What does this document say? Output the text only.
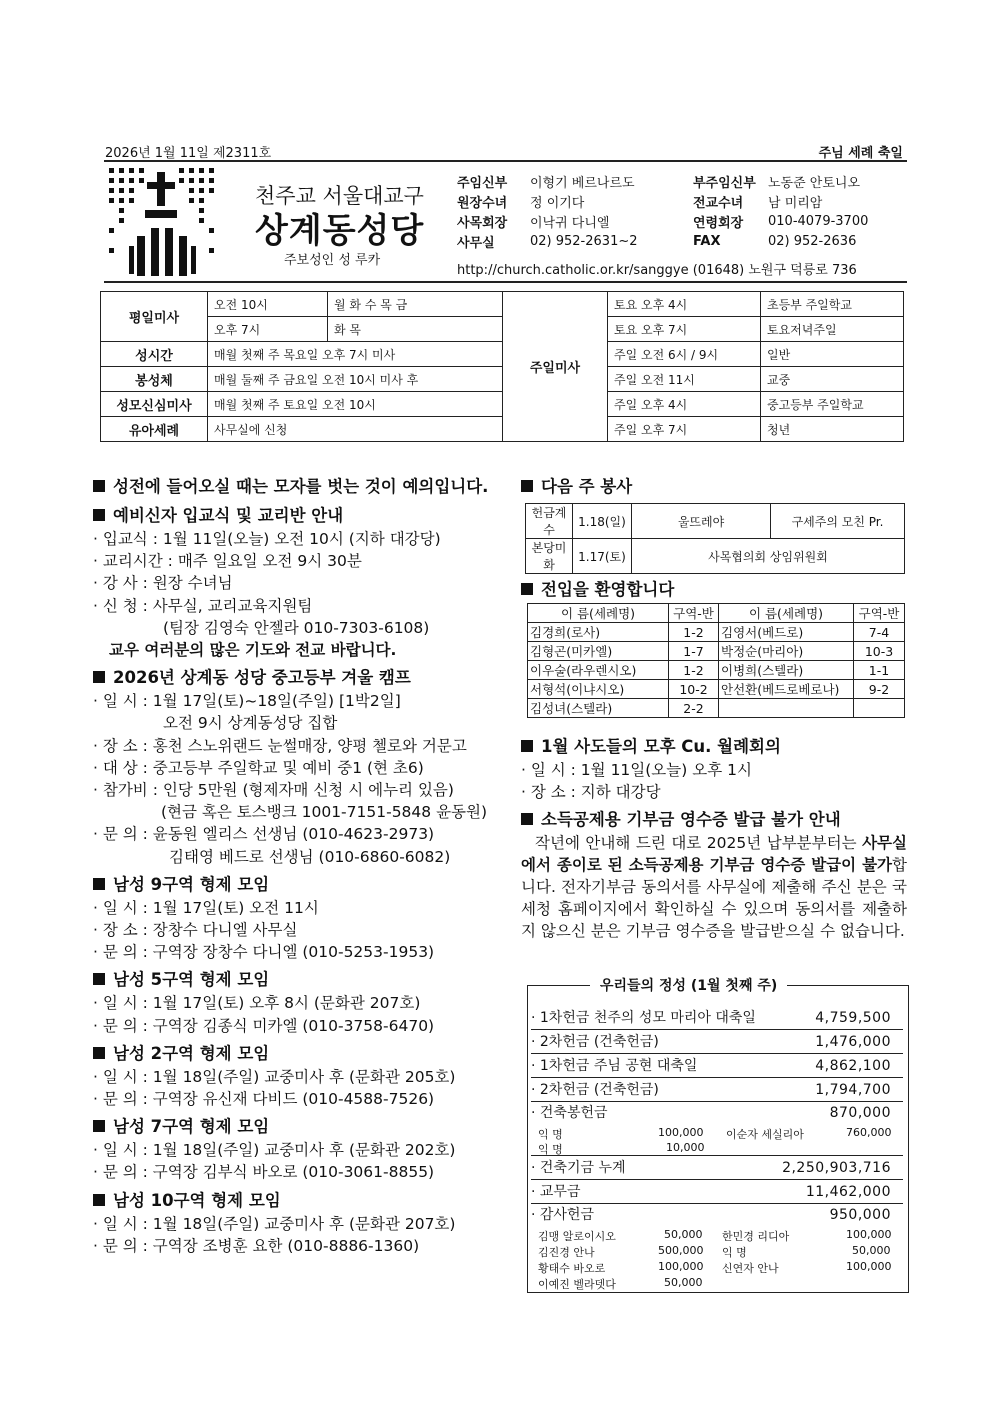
2026년 1월 11일 제2311호	주님 세례 축일
천주교 서울대교구
상계동성당
주보성인 성 루카
주임신부	이형기 베르나르도	부주임신부	노동준 안토니오
원장수녀	정 이기다	전교수녀	남 미리암
사목회장	이낙귀 다니엘	연령회장	010-4079-3700
사무실	02) 952-2631~2	FAX	02) 952-2636
http://church.catholic.or.kr/sanggye (01648) 노원구 덕릉로 736
평일미사	오전 10시	월 화 수 목 금	주일미사	토요 오후 4시	초등부 주일학교
	오후 7시	화 목		토요 오후 7시	토요저녁주일
성시간	매월 첫째 주 목요일 오후 7시 미사			주일 오전 6시 / 9시	일반
봉성체	매월 둘째 주 금요일 오전 10시 미사 후			주일 오전 11시	교중
성모신심미사	매월 첫째 주 토요일 오전 10시			주일 오후 4시	중고등부 주일학교
유아세례	사무실에 신청			주일 오후 7시	청년
성전에 들어오실 때는 모자를 벗는 것이 예의입니다.
예비신자 입교식 및 교리반 안내

· 입교식 : 1월 11일(오늘) 오전 10시 (지하 대강당)

· 교리시간 : 매주 일요일 오전 9시 30분

· 강 사 : 원장 수녀님

· 신 청 : 사무실, 교리교육지원팀

(팀장 김영숙 안젤라 010-7303-6108)

교우 여러분의 많은 기도와 전교 바랍니다.

2026년 상계동 성당 중고등부 겨울 캠프

· 일 시 : 1월 17일(토)~18일(주일) [1박2일]

오전 9시 상계동성당 집합

· 장 소 : 홍천 스노위랜드 눈썰매장, 양평 첼로와 거문고

· 대 상 : 중고등부 주일학교 및 예비 중1 (현 초6)

· 참가비 : 인당 5만원 (형제자매 신청 시 에누리 있음)

(현금 혹은 토스뱅크 1001-7151-5848 윤동원)

· 문 의 : 윤동원 엘리스 선생님 (010-4623-2973)

김태영 베드로 선생님 (010-6860-6082)

남성 9구역 형제 모임

· 일 시 : 1월 17일(토) 오전 11시

· 장 소 : 장창수 다니엘 사무실

· 문 의 : 구역장 장창수 다니엘 (010-5253-1953)

남성 5구역 형제 모임

· 일 시 : 1월 17일(토) 오후 8시 (문화관 207호)

· 문 의 : 구역장 김종식 미카엘 (010-3758-6470)

남성 2구역 형제 모임

· 일 시 : 1월 18일(주일) 교중미사 후 (문화관 205호)

· 문 의 : 구역장 유신재 다비드 (010-4588-7526)

남성 7구역 형제 모임

· 일 시 : 1월 18일(주일) 교중미사 후 (문화관 202호)

· 문 의 : 구역장 김부식 바오로 (010-3061-8855)

남성 10구역 형제 모임

· 일 시 : 1월 18일(주일) 교중미사 후 (문화관 207호)

· 문 의 : 구역장 조병훈 요한 (010-8886-1360)

다음 주 봉사
헌금계수	1.18(일)	울뜨레야	구세주의 모친 Pr.
본당미화	1.17(토)	사목협의회 상임위원회	
전입을 환영합니다
이 름(세례명)	구역-반	이 름(세례명)	구역-반
김경희(로사)	1-2	김영서(베드로)	7-4
김형곤(미카엘)	1-7	박정순(마리아)	10-3
이우술(라우렌시오)	1-2	이병희(스텔라)	1-1
서형석(이냐시오)	10-2	안선환(베드로베로나)	9-2
김성녀(스텔라)	2-2		
1월 사도들의 모후 Cu. 월례회의

· 일 시 : 1월 11일(오늘) 오후 1시

· 장 소 : 지하 대강당

소득공제용 기부금 영수증 발급 불가 안내

작년에 안내해 드린 대로 2025년 납부분부터는 사무실에서 종이로 된 소득공제용 기부금 영수증 발급이 불가합니다. 전자기부금 동의서를 사무실에 제출해 주신 분은 국세청 홈페이지에서 확인하실 수 있으며 동의서를 제출하지 않으신 분은 기부금 영수증을 발급받으실 수 없습니다.

우리들의 정성 (1월 첫째 주)
· 1차헌금 천주의 성모 마리아 대축일	4,759,500
· 2차헌금 (건축헌금)	1,476,000
· 1차헌금 주님 공현 대축일	4,862,100
· 2차헌금 (건축헌금)	1,794,700
· 건축봉헌금	870,000
익 명	100,000 이순자 세실리아	760,000
익 명	10,000
· 건축기금 누계	2,250,903,716
· 교무금	11,462,000
· 감사헌금	950,000
김맹 알로이시오	50,000 한민경 리디아	100,000
김진경 안나	500,000 익 명	50,000
황태수 바오로	100,000 신연자 안나	100,000
이예진 벨라뎃다	50,000
